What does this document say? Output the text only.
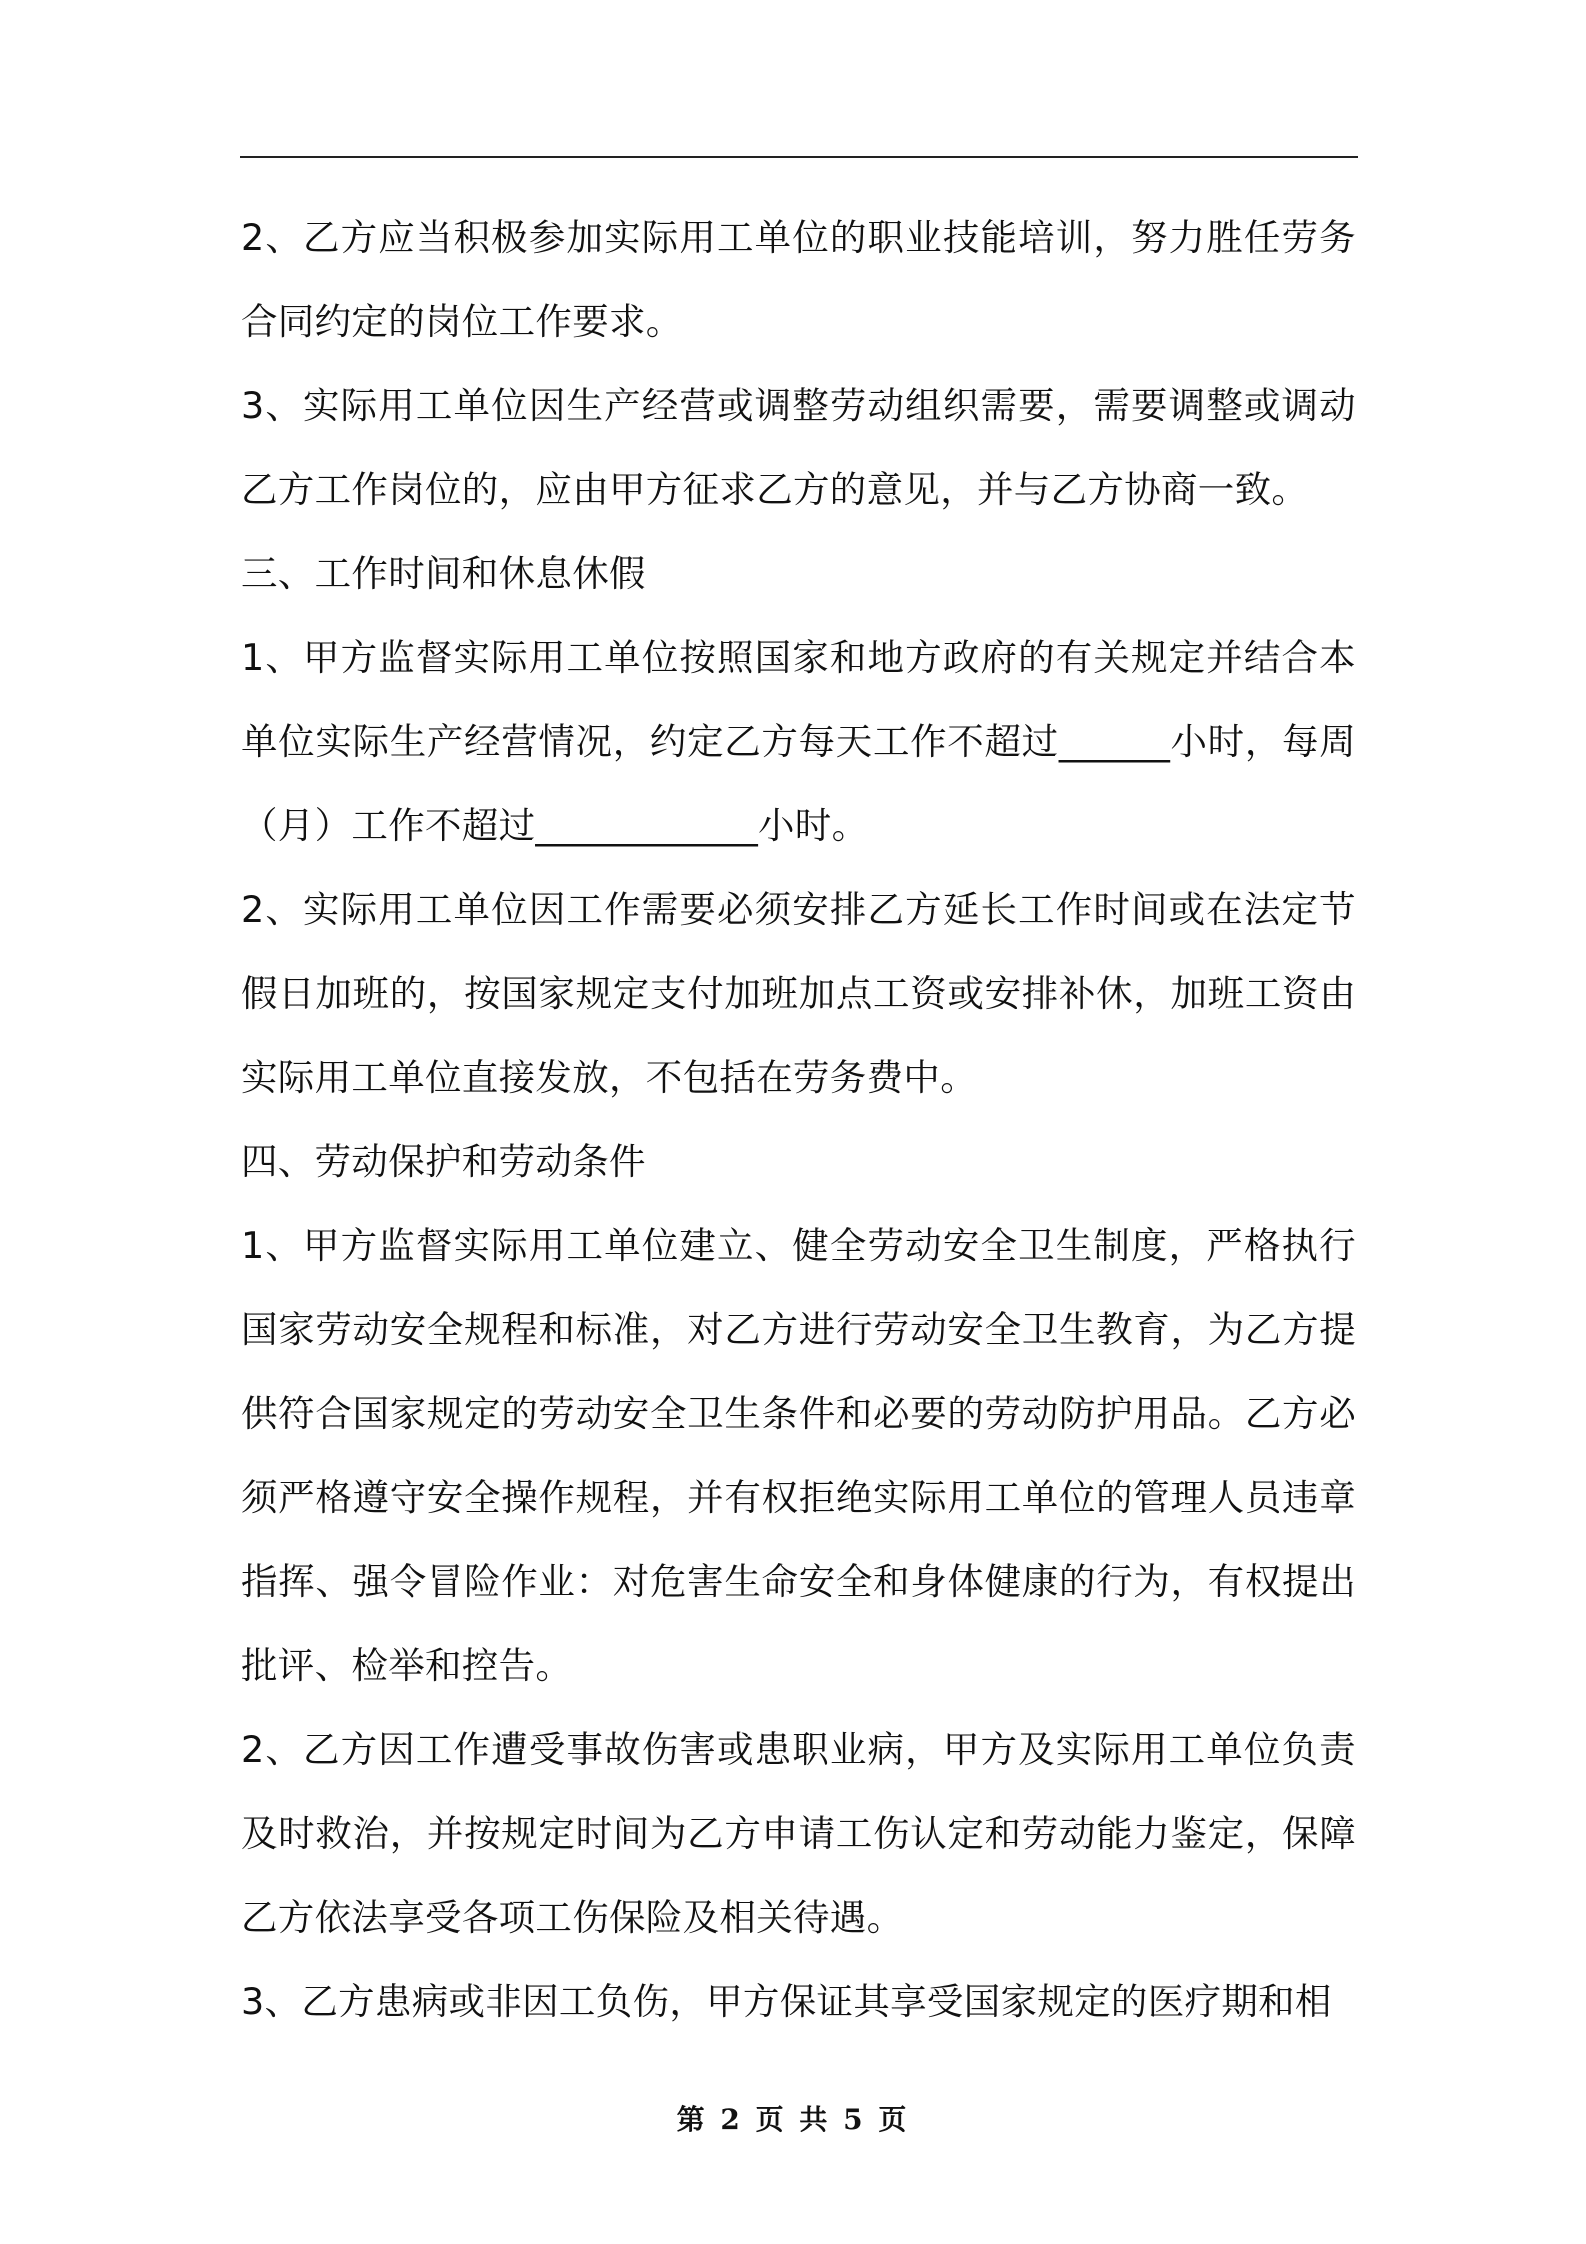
2、乙方应当积极参加实际用工单位的职业技能培训，努力胜任劳务合同约定的岗位工作要求。

3、实际用工单位因生产经营或调整劳动组织需要，需要调整或调动乙方工作岗位的，应由甲方征求乙方的意见，并与乙方协商一致。

三、工作时间和休息休假

1、甲方监督实际用工单位按照国家和地方政府的有关规定并结合本单位实际生产经营情况，约定乙方每天工作不超过______小时，每周（月）工作不超过____________小时。

2、实际用工单位因工作需要必须安排乙方延长工作时间或在法定节假日加班的，按国家规定支付加班加点工资或安排补休，加班工资由实际用工单位直接发放，不包括在劳务费中。

四、劳动保护和劳动条件

1、甲方监督实际用工单位建立、健全劳动安全卫生制度，严格执行国家劳动安全规程和标准，对乙方进行劳动安全卫生教育，为乙方提供符合国家规定的劳动安全卫生条件和必要的劳动防护用品。乙方必须严格遵守安全操作规程，并有权拒绝实际用工单位的管理人员违章指挥、强令冒险作业：对危害生命安全和身体健康的行为，有权提出批评、检举和控告。

2、乙方因工作遭受事故伤害或患职业病，甲方及实际用工单位负责及时救治，并按规定时间为乙方申请工伤认定和劳动能力鉴定，保障乙方依法享受各项工伤保险及相关待遇。

3、乙方患病或非因工负伤，甲方保证其享受国家规定的医疗期和相

第 2 页 共 5 页
